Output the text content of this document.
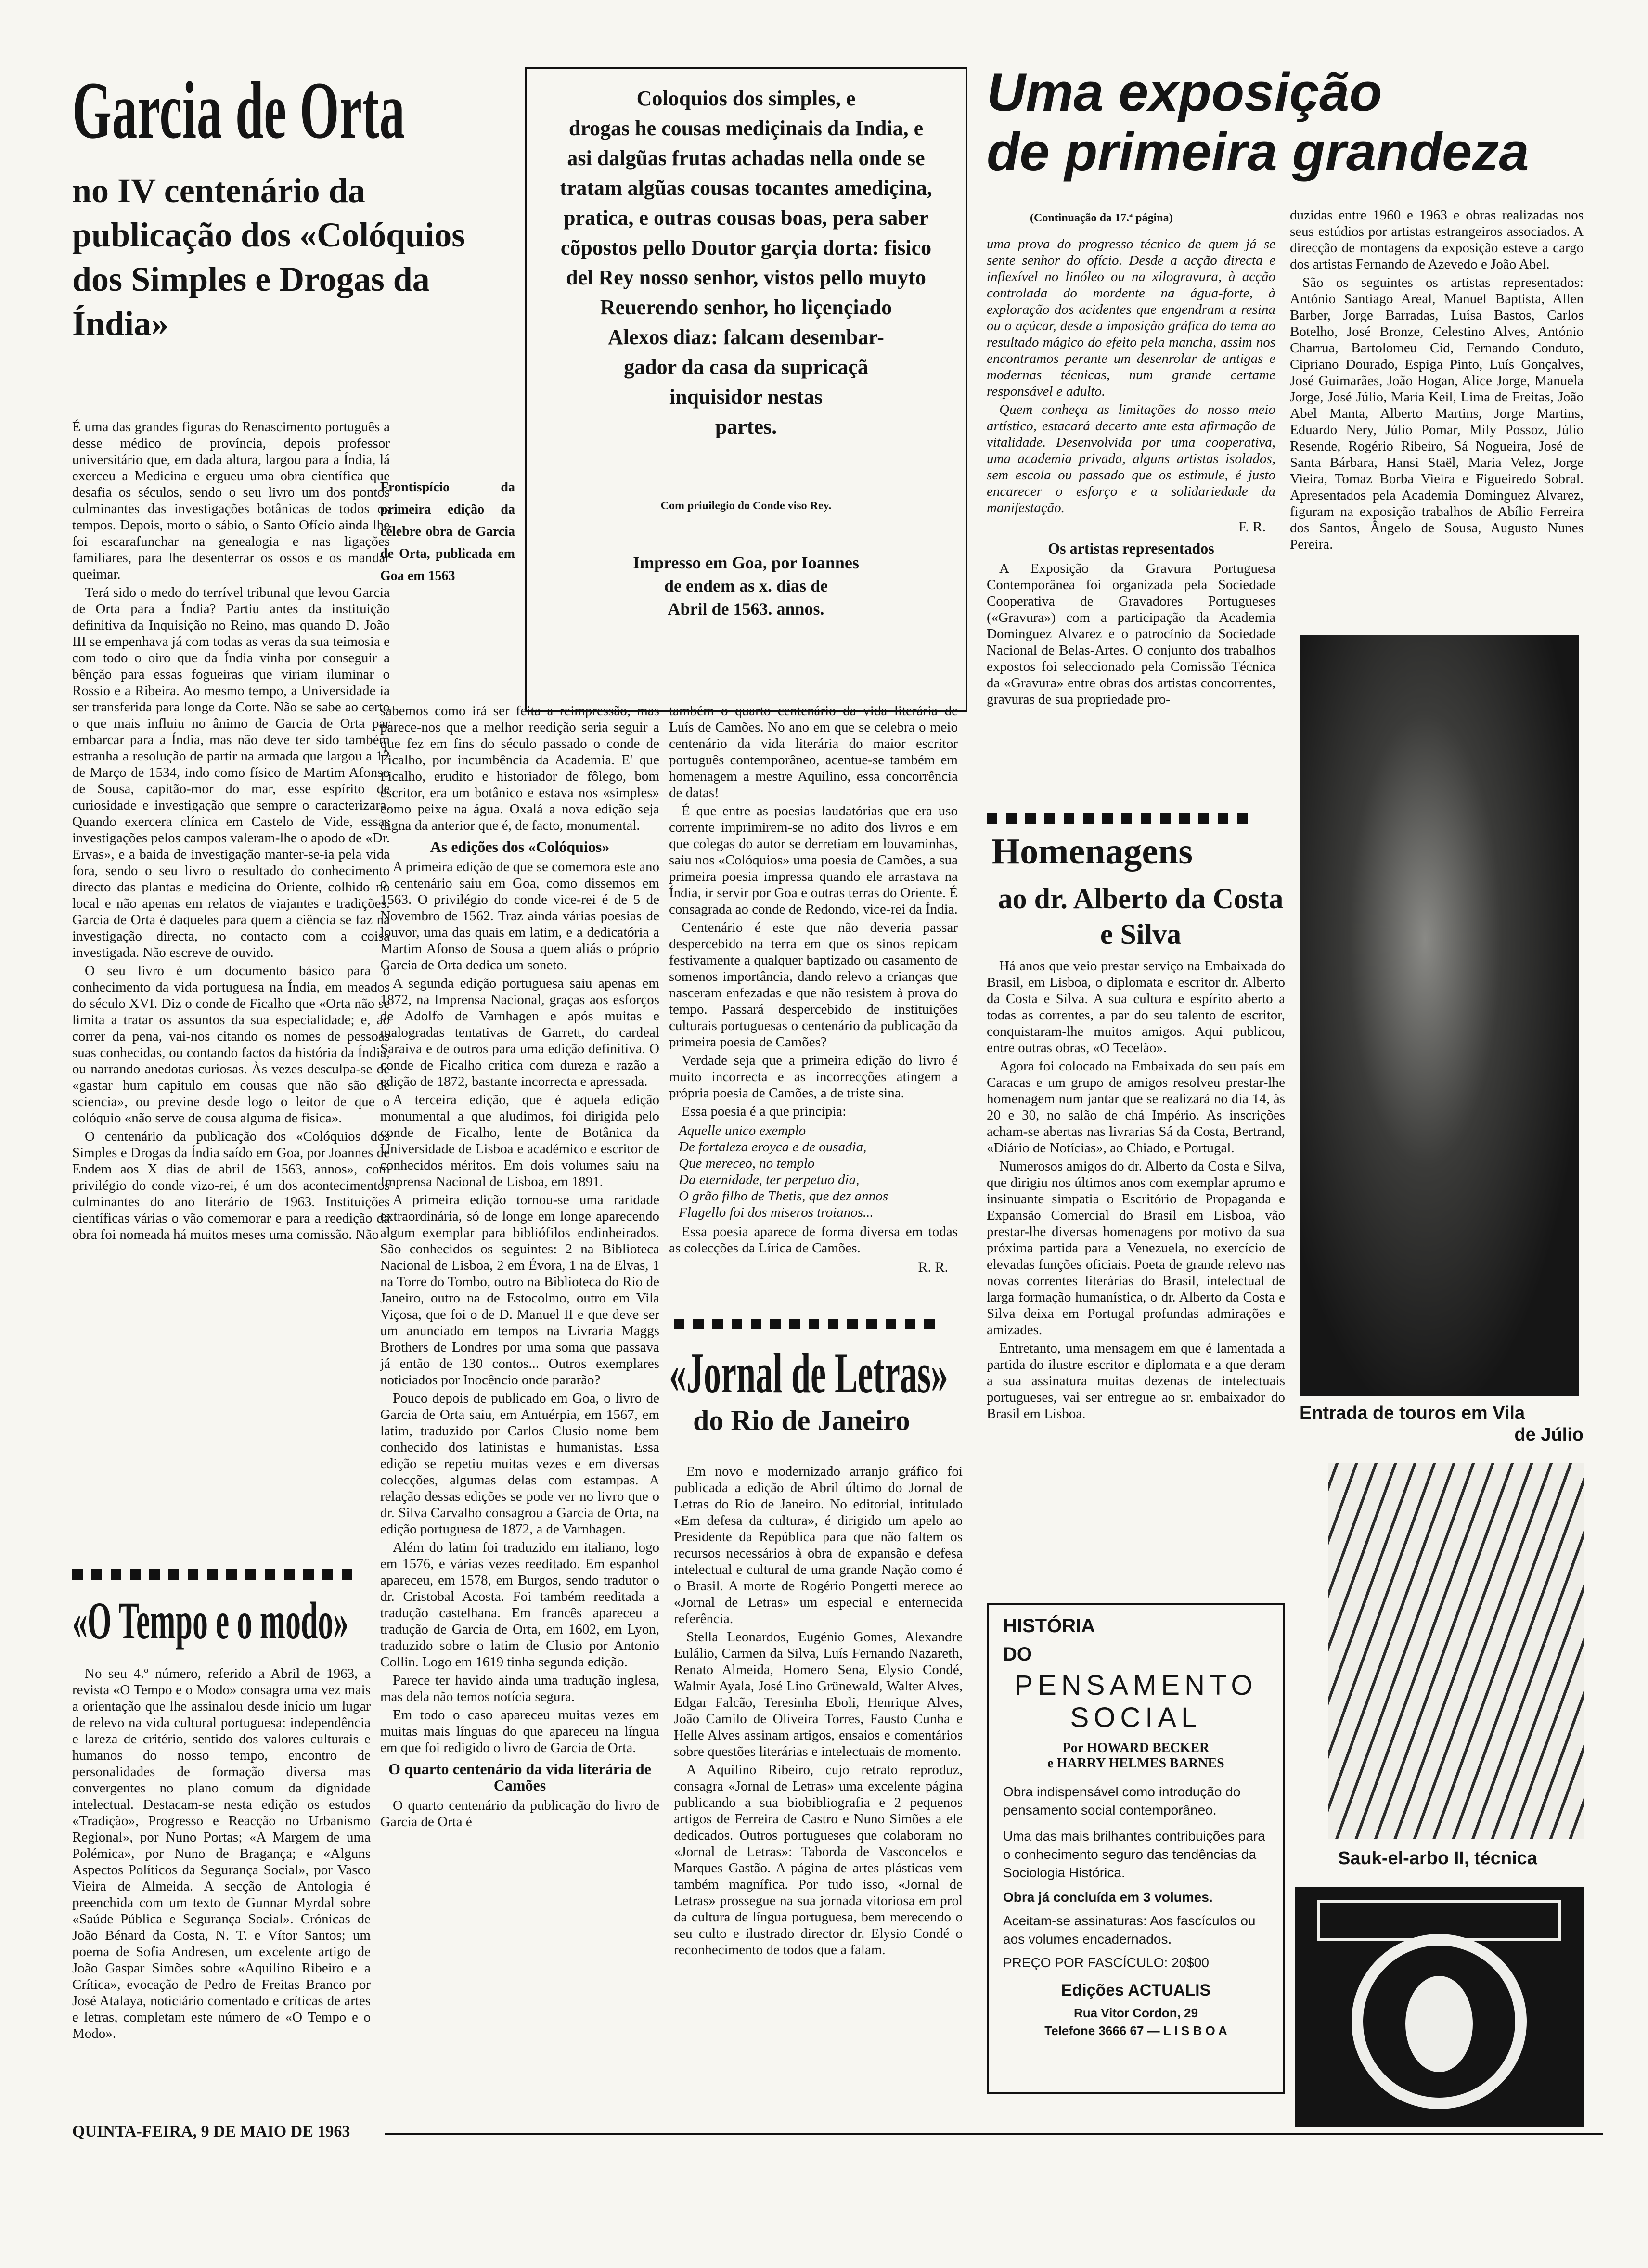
Garcia de Orta
no IV centenário da publicação dos «Colóquios dos Simples e Drogas da Índia»

É uma das grandes figuras do Renascimento português a desse médico de província, depois professor universitário que, em dada altura, largou para a Índia, lá exerceu a Medicina e ergueu uma obra científica que desafia os séculos, sendo o seu livro um dos pontos culminantes das investigações botânicas de todos os tempos. Depois, morto o sábio, o Santo Ofício ainda lhe foi escarafunchar na genealogia e nas ligações familiares, para lhe desenterrar os ossos e os mandar queimar.

Terá sido o medo do terrível tribunal que levou Garcia de Orta para a Índia? Partiu antes da instituição definitiva da Inquisição no Reino, mas quando D. João III se empenhava já com todas as veras da sua teimosia e com todo o oiro que da Índia vinha por conseguir a bênção para essas fogueiras que viriam iluminar o Rossio e a Ribeira. Ao mesmo tempo, a Universidade ia ser transferida para longe da Corte. Não se sabe ao certo o que mais influiu no ânimo de Garcia de Orta par embarcar para a Índia, mas não deve ter sido também estranha a resolução de partir na armada que largou a 12 de Março de 1534, indo como físico de Martim Afonso de Sousa, capitão-mor do mar, esse espírito de curiosidade e investigação que sempre o caracterizara. Quando exercera clínica em Castelo de Vide, essas investigações pelos campos valeram-lhe o apodo de «Dr. Ervas», e a baida de investigação manter-se-ia pela vida fora, sendo o seu livro o resultado do conhecimento directo das plantas e medicina do Oriente, colhido no local e não apenas em relatos de viajantes e tradições. Garcia de Orta é daqueles para quem a ciência se faz na investigação directa, no contacto com a coisa investigada. Não escreve de ouvido.

O seu livro é um documento básico para o conhecimento da vida portuguesa na Índia, em meados do século XVI. Diz o conde de Ficalho que «Orta não se limita a tratar os assuntos da sua especialidade; e, ao correr da pena, vai-nos citando os nomes de pessoas suas conhecidas, ou contando factos da história da Índia, ou narrando anedotas curiosas. Às vezes desculpa-se de «gastar hum capitulo em cousas que não são de sciencia», ou previne desde logo o leitor de que o colóquio «não serve de cousa alguma de fisica».

O centenário da publicação dos «Colóquios dos Simples e Drogas da Índia saído em Goa, por Joannes de Endem aos X dias de abril de 1563, annos», com privilégio do conde vizo-rei, é um dos acontecimentos culminantes do ano literário de 1963. Instituições científicas várias o vão comemorar e para a reedição da obra foi nomeada há muitos meses uma comissão. Não

Frontispício da primeira edição da célebre obra de Garcia de Orta, publicada em Goa em 1563
Coloquios dos simples, e
drogas he cousas mediçinais da India, e
asi dalgũas frutas achadas nella onde se
tratam algũas cousas tocantes amediçina,
pratica, e outras cousas boas, pera saber
cõpostos pello Doutor garçia dorta: fisico
del Rey nosso senhor, vistos pello muyto
Reuerendo senhor, ho liçençiado
Alexos diaz: falcam desembar-
gador da casa da supricaçã
inquisidor nestas
partes.
Com priuilegio do Conde viso Rey.
Impresso em Goa, por Ioannes
de endem as x. dias de
Abril de 1563. annos.

sabemos como irá ser feita a reimpressão, mas parece-nos que a melhor reedição seria seguir a que fez em fins do século passado o conde de Ficalho, por incumbência da Academia. E' que Ficalho, erudito e historiador de fôlego, bom escritor, era um botânico e estava nos «simples» como peixe na água. Oxalá a nova edição seja digna da anterior que é, de facto, monumental.

As edições dos «Colóquios»

A primeira edição de que se comemora este ano o centenário saiu em Goa, como dissemos em 1563. O privilégio do conde vice-rei é de 5 de Novembro de 1562. Traz ainda várias poesias de louvor, uma das quais em latim, e a dedicatória a Martim Afonso de Sousa a quem aliás o próprio Garcia de Orta dedica um soneto.

A segunda edição portuguesa saiu apenas em 1872, na Imprensa Nacional, graças aos esforços de Adolfo de Varnhagen e após muitas e malogradas tentativas de Garrett, do cardeal Saraiva e de outros para uma edição definitiva. O conde de Ficalho critica com dureza e razão a edição de 1872, bastante incorrecta e apressada.

A terceira edição, que é aquela edição monumental a que aludimos, foi dirigida pelo conde de Ficalho, lente de Botânica da Universidade de Lisboa e académico e escritor de conhecidos méritos. Em dois volumes saiu na Imprensa Nacional de Lisboa, em 1891.

A primeira edição tornou-se uma raridade extraordinária, só de longe em longe aparecendo algum exemplar para bibliófilos endinheirados. São conhecidos os seguintes: 2 na Biblioteca Nacional de Lisboa, 2 em Évora, 1 na de Elvas, 1 na Torre do Tombo, outro na Biblioteca do Rio de Janeiro, outro na de Estocolmo, outro em Vila Viçosa, que foi o de D. Manuel II e que deve ser um anunciado em tempos na Livraria Maggs Brothers de Londres por uma soma que passava já então de 130 contos... Outros exemplares noticiados por Inocêncio onde pararão?

Pouco depois de publicado em Goa, o livro de Garcia de Orta saiu, em Antuérpia, em 1567, em latim, traduzido por Carlos Clusio nome bem conhecido dos latinistas e humanistas. Essa edição se repetiu muitas vezes e em diversas colecções, algumas delas com estampas. A relação dessas edições se pode ver no livro que o dr. Silva Carvalho consagrou a Garcia de Orta, na edição portuguesa de 1872, a de Varnhagen.

Além do latim foi traduzido em italiano, logo em 1576, e várias vezes reeditado. Em espanhol apareceu, em 1578, em Burgos, sendo tradutor o dr. Cristobal Acosta. Foi também reeditada a tradução castelhana. Em francês apareceu a tradução de Garcia de Orta, em 1602, em Lyon, traduzido sobre o latim de Clusio por Antonio Collin. Logo em 1619 tinha segunda edição.

Parece ter havido ainda uma tradução inglesa, mas dela não temos notícia segura.

Em todo o caso apareceu muitas vezes em muitas mais línguas do que apareceu na língua em que foi redigido o livro de Garcia de Orta.

O quarto centenário da vida literária de Camões

O quarto centenário da publicação do livro de Garcia de Orta é

também o quarto centenário da vida literária de Luís de Camões. No ano em que se celebra o meio centenário da vida literária do maior escritor português contemporâneo, acentue-se também em homenagem a mestre Aquilino, essa concorrência de datas!

É que entre as poesias laudatórias que era uso corrente imprimirem-se no adito dos livros e em que colegas do autor se derretiam em louvaminhas, saiu nos «Colóquios» uma poesia de Camões, a sua primeira poesia impressa quando ele arrastava na Índia, ir servir por Goa e outras terras do Oriente. É consagrada ao conde de Redondo, vice-rei da Índia.

Centenário é este que não deveria passar despercebido na terra em que os sinos repicam festivamente a qualquer baptizado ou casamento de somenos importância, dando relevo a crianças que nasceram enfezadas e que não resistem à prova do tempo. Passará despercebido de instituições culturais portuguesas o centenário da publicação da primeira poesia de Camões?

Verdade seja que a primeira edição do livro é muito incorrecta e as incorrecções atingem a própria poesia de Camões, a de triste sina.

Essa poesia é a que principia:

Aquelle unico exemplo
De fortaleza eroyca e de ousadia,
Que mereceo, no templo
Da eternidade, ter perpetuo dia,
O grão filho de Thetis, que dez annos
Flagello foi dos miseros troianos...

Essa poesia aparece de forma diversa em todas as colecções da Lírica de Camões.

R. R.
«Jornal de Letras»
do Rio de Janeiro

Em novo e modernizado arranjo gráfico foi publicada a edição de Abril último do Jornal de Letras do Rio de Janeiro. No editorial, intitulado «Em defesa da cultura», é dirigido um apelo ao Presidente da República para que não faltem os recursos necessários à obra de expansão e defesa intelectual e cultural de uma grande Nação como é o Brasil. A morte de Rogério Pongetti merece ao «Jornal de Letras» um especial e enternecida referência.

Stella Leonardos, Eugénio Gomes, Alexandre Eulálio, Carmen da Silva, Luís Fernando Nazareth, Renato Almeida, Homero Sena, Elysio Condé, Walmir Ayala, José Lino Grünewald, Walter Alves, Edgar Falcão, Teresinha Eboli, Henrique Alves, João Camilo de Oliveira Torres, Fausto Cunha e Helle Alves assinam artigos, ensaios e comentários sobre questões literárias e intelectuais de momento.

A Aquilino Ribeiro, cujo retrato reproduz, consagra «Jornal de Letras» uma excelente página publicando a sua biobibliografia e 2 pequenos artigos de Ferreira de Castro e Nuno Simões a ele dedicados. Outros portugueses que colaboram no «Jornal de Letras»: Taborda de Vasconcelos e Marques Gastão. A página de artes plásticas vem também magnífica. Por tudo isso, «Jornal de Letras» prossegue na sua jornada vitoriosa em prol da cultura de língua portuguesa, bem merecendo o seu culto e ilustrado director dr. Elysio Condé o reconhecimento de todos que a falam.

«O Tempo e o modo»

No seu 4.º número, referido a Abril de 1963, a revista «O Tempo e o Modo» consagra uma vez mais a orientação que lhe assinalou desde início um lugar de relevo na vida cultural portuguesa: independência e lareza de critério, sentido dos valores culturais e humanos do nosso tempo, encontro de personalidades de formação diversa mas convergentes no plano comum da dignidade intelectual. Destacam-se nesta edição os estudos «Tradição», Progresso e Reacção no Urbanismo Regional», por Nuno Portas; «A Margem de uma Polémica», por Nuno de Bragança; e «Alguns Aspectos Políticos da Segurança Social», por Vasco Vieira de Almeida. A secção de Antologia é preenchida com um texto de Gunnar Myrdal sobre «Saúde Pública e Segurança Social». Crónicas de João Bénard da Costa, N. T. e Vítor Santos; um poema de Sofia Andresen, um excelente artigo de João Gaspar Simões sobre «Aquilino Ribeiro e a Crítica», evocação de Pedro de Freitas Branco por José Atalaya, noticiário comentado e críticas de artes e letras, completam este número de «O Tempo e o Modo».

QUINTA-FEIRA, 9 DE MAIO DE 1963
Uma exposição
de primeira grandeza
(Continuação da 17.ª página)

uma prova do progresso técnico de quem já se sente senhor do ofício. Desde a acção directa e inflexível no linóleo ou na xilogravura, à acção controlada do mordente na água-forte, à exploração dos acidentes que engendram a resina ou o açúcar, desde a imposição gráfica do tema ao resultado mágico do efeito pela mancha, assim nos encontramos perante um desenrolar de antigas e modernas técnicas, num grande certame responsável e adulto.

Quem conheça as limitações do nosso meio artístico, estacará decerto ante esta afirmação de vitalidade. Desenvolvida por uma cooperativa, uma academia privada, alguns artistas isolados, sem escola ou passado que os estimule, é justo encarecer o esforço e a solidariedade da manifestação.

F. R.
Os artistas representados

A Exposição da Gravura Portuguesa Contemporânea foi organizada pela Sociedade Cooperativa de Gravadores Portugueses («Gravura») com a participação da Academia Dominguez Alvarez e o patrocínio da Sociedade Nacional de Belas-Artes. O conjunto dos trabalhos expostos foi seleccionado pela Comissão Técnica da «Gravura» entre obras dos artistas concorrentes, gravuras de sua propriedade pro-

duzidas entre 1960 e 1963 e obras realizadas nos seus estúdios por artistas estrangeiros associados. A direcção de montagens da exposição esteve a cargo dos artistas Fernando de Azevedo e João Abel.

São os seguintes os artistas representados: António Santiago Areal, Manuel Baptista, Allen Barber, Jorge Barradas, Luísa Bastos, Carlos Botelho, José Bronze, Celestino Alves, António Charrua, Bartolomeu Cid, Fernando Conduto, Cipriano Dourado, Espiga Pinto, Luís Gonçalves, José Guimarães, João Hogan, Alice Jorge, Manuela Jorge, José Júlio, Maria Keil, Lima de Freitas, João Abel Manta, Alberto Martins, Jorge Martins, Eduardo Nery, Júlio Pomar, Mily Possoz, Júlio Resende, Rogério Ribeiro, Sá Nogueira, José de Santa Bárbara, Hansi Staël, Maria Velez, Jorge Vieira, Tomaz Borba Vieira e Figueiredo Sobral. Apresentados pela Academia Dominguez Alvarez, figuram na exposição trabalhos de Abílio Ferreira dos Santos, Ângelo de Sousa, Augusto Nunes Pereira.

Entrada de touros em Vila
de Júlio
Sauk-el-arbo II, técnica
Homenagens
ao dr. Alberto da Costa e Silva

Há anos que veio prestar serviço na Embaixada do Brasil, em Lisboa, o diplomata e escritor dr. Alberto da Costa e Silva. A sua cultura e espírito aberto a todas as correntes, a par do seu talento de escritor, conquistaram-lhe muitos amigos. Aqui publicou, entre outras obras, «O Tecelão».

Agora foi colocado na Embaixada do seu país em Caracas e um grupo de amigos resolveu prestar-lhe homenagem num jantar que se realizará no dia 14, às 20 e 30, no salão de chá Império. As inscrições acham-se abertas nas livrarias Sá da Costa, Bertrand, «Diário de Notícias», ao Chiado, e Portugal.

Numerosos amigos do dr. Alberto da Costa e Silva, que dirigiu nos últimos anos com exemplar aprumo e insinuante simpatia o Escritório de Propaganda e Expansão Comercial do Brasil em Lisboa, vão prestar-lhe diversas homenagens por motivo da sua próxima partida para a Venezuela, no exercício de elevadas funções oficiais. Poeta de grande relevo nas novas correntes literárias do Brasil, intelectual de larga formação humanística, o dr. Alberto da Costa e Silva deixa em Portugal profundas admirações e amizades.

Entretanto, uma mensagem em que é lamentada a partida do ilustre escritor e diplomata e a que deram a sua assinatura muitas dezenas de intelectuais portugueses, vai ser entregue ao sr. embaixador do Brasil em Lisboa.

HISTÓRIA
DO
PENSAMENTO
SOCIAL
Por HOWARD BECKER
e HARRY HELMES BARNES
Obra indispensável como introdução do pensamento social contemporâneo.
Uma das mais brilhantes contribuições para o conhecimento seguro das tendências da Sociologia Histórica.
Obra já concluída em 3 volumes.
Aceitam-se assinaturas: Aos fascículos ou aos volumes encadernados.
PREÇO POR FASCÍCULO: 20$00
Edições ACTUALIS
Rua Vitor Cordon, 29
Telefone 3666 67 — L I S B O A
